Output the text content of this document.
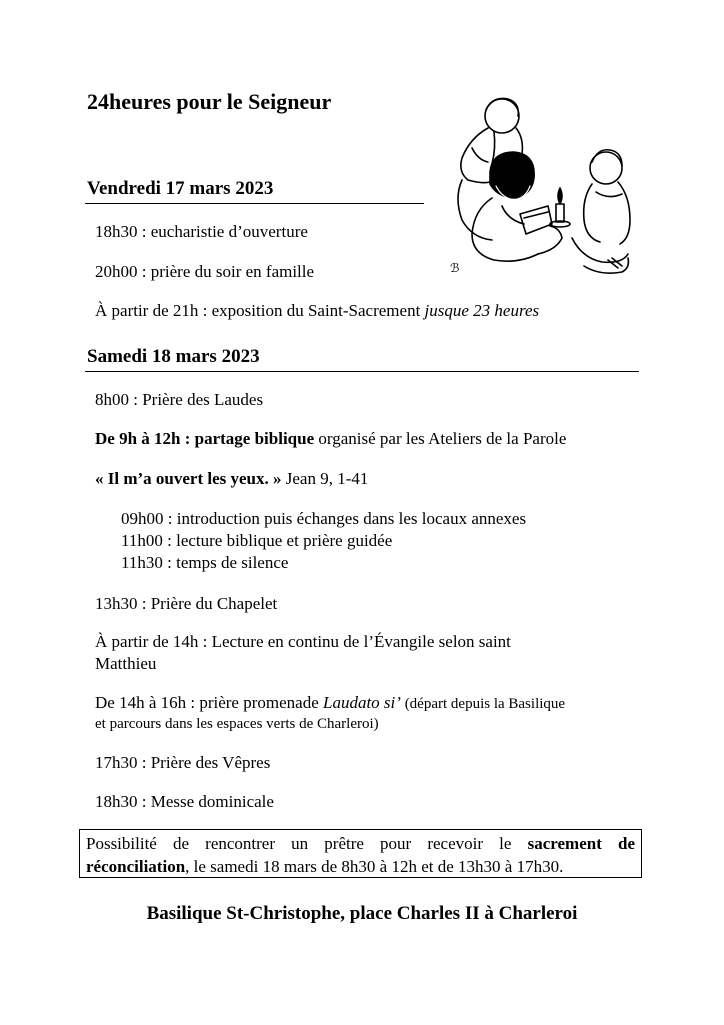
24heures pour le Seigneur
ℬ
Vendredi 17 mars 2023
18h30 : eucharistie d’ouverture
20h00 : prière du soir en famille
À partir de 21h : exposition du Saint-Sacrement jusque 23 heures
Samedi 18 mars 2023
8h00 : Prière des Laudes
De 9h à 12h : partage biblique organisé par les Ateliers de la Parole
« Il m’a ouvert les yeux. » Jean 9, 1-41
09h00 : introduction puis échanges dans les locaux annexes
11h00 : lecture biblique et prière guidée
11h30 : temps de silence
13h30 : Prière du Chapelet
À partir de 14h : Lecture en continu de l’Évangile selon saint
Matthieu
De 14h à 16h : prière promenade Laudato si’ (départ depuis la Basilique
et parcours dans les espaces verts de Charleroi)
17h30 : Prière des Vêpres
18h30 : Messe dominicale
Possibilité de rencontrer un prêtre pour recevoir le sacrement de réconciliation, le samedi 18 mars de 8h30 à 12h et de 13h30 à 17h30.
Basilique St-Christophe, place Charles II à Charleroi
